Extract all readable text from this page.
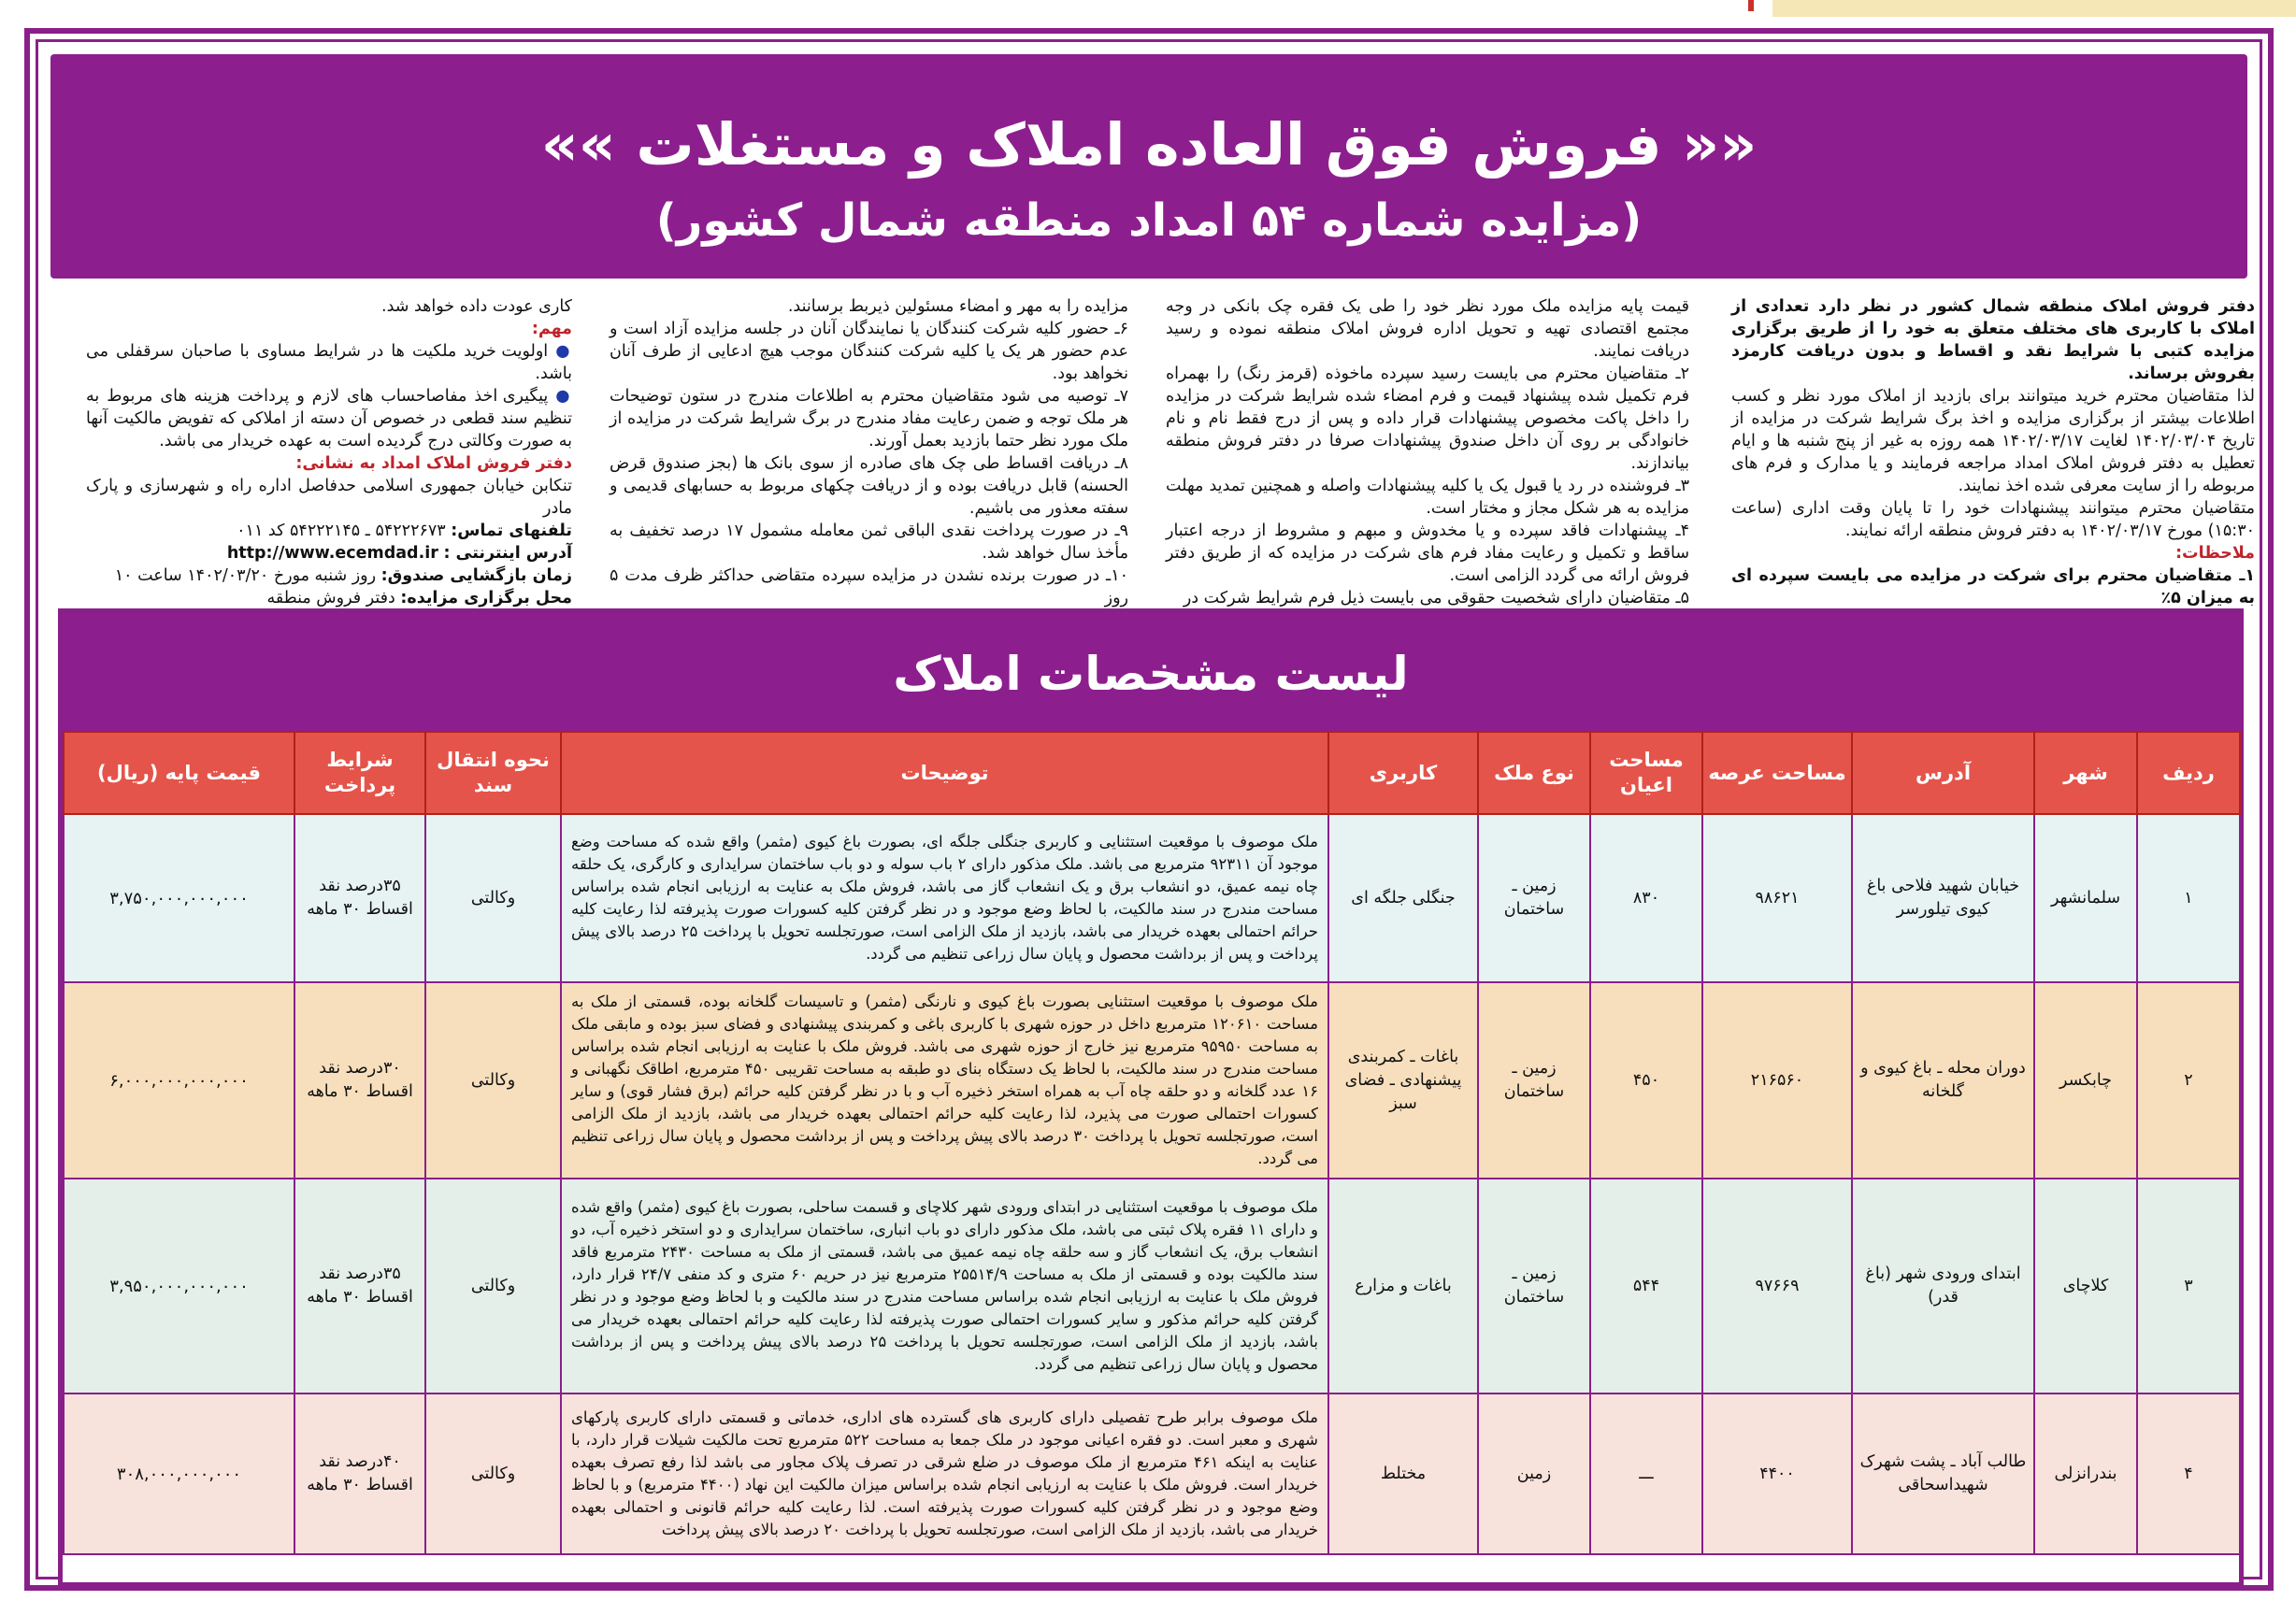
«« فروش فوق العاده املاک و مستغلات »»
(مزایده شماره ۵۴ امداد منطقه شمال کشور)

دفتر فروش املاک منطقه شمال کشور در نظر دارد تعدادی از املاک با کاربری های مختلف متعلق به خود را از طریق برگزاری مزایده کتبی با شرایط نقد و اقساط و بدون دریافت کارمزد بفروش برساند.

لذا متقاضیان محترم خرید میتوانند برای بازدید از املاک مورد نظر و کسب اطلاعات بیشتر از برگزاری مزایده و اخذ برگ شرایط شرکت در مزایده از تاریخ ۱۴۰۲/۰۳/۰۴ لغایت ۱۴۰۲/۰۳/۱۷ همه روزه به غیر از پنج شنبه ها و ایام تعطیل به دفتر فروش املاک امداد مراجعه فرمایند و یا مدارک و فرم های مربوطه را از سایت معرفی شده اخذ نمایند.

متقاضیان محترم میتوانند پیشنهادات خود را تا پایان وقت اداری (ساعت ۱۵:۳۰) مورخ ۱۴۰۲/۰۳/۱۷ به دفتر فروش منطقه ارائه نمایند.

ملاحظات:

۱ـ متقاضیان محترم برای شرکت در مزایده می بایست سپرده ای به میزان ۵٪

قیمت پایه مزایده ملک مورد نظر خود را طی یک فقره چک بانکی در وجه مجتمع اقتصادی تهیه و تحویل اداره فروش املاک منطقه نموده و رسید دریافت نمایند.

۲ـ متقاضیان محترم می بایست رسید سپرده ماخوذه (قرمز رنگ) را بهمراه فرم تکمیل شده پیشنهاد قیمت و فرم امضاء شده شرایط شرکت در مزایده را داخل پاکت مخصوص پیشنهادات قرار داده و پس از درج فقط نام و نام خانوادگی بر روی آن داخل صندوق پیشنهادات صرفا در دفتر فروش منطقه بیاندازند.

۳ـ فروشنده در رد یا قبول یک یا کلیه پیشنهادات واصله و همچنین تمدید مهلت مزایده به هر شکل مجاز و مختار است.

۴ـ پیشنهادات فاقد سپرده و یا مخدوش و مبهم و مشروط از درجه اعتبار ساقط و تکمیل و رعایت مفاد فرم های شرکت در مزایده که از طریق دفتر فروش ارائه می گردد الزامی است.

۵ـ متقاضیان دارای شخصیت حقوقی می بایست ذیل فرم شرایط شرکت در

مزایده را به مهر و امضاء مسئولین ذیربط برسانند.

۶ـ حضور کلیه شرکت کنندگان یا نمایندگان آنان در جلسه مزایده آزاد است و عدم حضور هر یک یا کلیه شرکت کنندگان موجب هیچ ادعایی از طرف آنان نخواهد بود.

۷ـ توصیه می شود متقاضیان محترم به اطلاعات مندرج در ستون توضیحات هر ملک توجه و ضمن رعایت مفاد مندرج در برگ شرایط شرکت در مزایده از ملک مورد نظر حتما بازدید بعمل آورند.

۸ـ دریافت اقساط طی چک های صادره از سوی بانک ها (بجز صندوق قرض الحسنه) قابل دریافت بوده و از دریافت چکهای مربوط به حسابهای قدیمی و سفته معذور می باشیم.

۹ـ در صورت پرداخت نقدی الباقی ثمن معامله مشمول ۱۷ درصد تخفیف به مأخذ سال خواهد شد.

۱۰ـ در صورت برنده نشدن در مزایده سپرده متقاضی حداکثر ظرف مدت ۵ روز

کاری عودت داده خواهد شد.

مهم:

● اولویت خرید ملکیت ها در شرایط مساوی با صاحبان سرقفلی می باشد.

● پیگیری اخذ مفاصاحساب های لازم و پرداخت هزینه های مربوط به تنظیم سند قطعی در خصوص آن دسته از املاکی که تفویض مالکیت آنها به صورت وکالتی درج گردیده است به عهده خریدار می باشد.

دفتر فروش املاک امداد به نشانی:

تنکابن خیابان جمهوری اسلامی حدفاصل اداره راه و شهرسازی و پارک مادر

تلفنهای تماس: ۵۴۲۲۲۶۷۳ ـ ۵۴۲۲۲۱۴۵ کد ۰۱۱

آدرس اینترنتی : http://www.ecemdad.ir

زمان بازگشایی صندوق: روز شنبه مورخ ۱۴۰۲/۰۳/۲۰ ساعت ۱۰

محل برگزاری مزایده: دفتر فروش منطقه

لیست مشخصات املاک
ردیف	شهر	آدرس	مساحت عرصه	مساحت اعیان	نوع ملک	کاربری	توضیحات	نحوه انتقال سند	شرایط پرداخت	قیمت پایه (ریال)
۱	سلمانشهر	خیابان شهید فلاحی باغ کیوی تیلورسر	۹۸۶۲۱	۸۳۰	زمین ـ ساختمان	جنگلی جلگه ای	ملک موصوف با موقعیت استثنایی و کاربری جنگلی جلگه ای، بصورت باغ کیوی (مثمر) واقع شده که مساحت وضع موجود آن ۹۲۳۱۱ مترمربع می باشد. ملک مذکور دارای ۲ باب سوله و دو باب ساختمان سرایداری و کارگری، یک حلقه چاه نیمه عمیق، دو انشعاب برق و یک انشعاب گاز می باشد، فروش ملک به عنایت به ارزیابی انجام شده براساس مساحت مندرج در سند مالکیت، با لحاظ وضع موجود و در نظر گرفتن کلیه کسورات صورت پذیرفته لذا رعایت کلیه حرائم احتمالی بعهده خریدار می باشد، بازدید از ملک الزامی است، صورتجلسه تحویل با پرداخت ۲۵ درصد بالای پیش پرداخت و پس از برداشت محصول و پایان سال زراعی تنظیم می گردد.	وکالتی	۳۵درصد نقد اقساط ۳۰ ماهه	۳,۷۵۰,۰۰۰,۰۰۰,۰۰۰
۲	چابکسر	دوران محله ـ باغ کیوی و گلخانه	۲۱۶۵۶۰	۴۵۰	زمین ـ ساختمان	باغات ـ کمربندی پیشنهادی ـ فضای سبز	ملک موصوف با موقعیت استثنایی بصورت باغ کیوی و نارنگی (مثمر) و تاسیسات گلخانه بوده، قسمتی از ملک به مساحت ۱۲۰۶۱۰ مترمربع داخل در حوزه شهری با کاربری باغی و کمربندی پیشنهادی و فضای سبز بوده و مابقی ملک به مساحت ۹۵۹۵۰ مترمربع نیز خارج از حوزه شهری می باشد. فروش ملک با عنایت به ارزیابی انجام شده براساس مساحت مندرج در سند مالکیت، با لحاظ یک دستگاه بنای دو طبقه به مساحت تقریبی ۴۵۰ مترمربع، اطاقک نگهبانی و ۱۶ عدد گلخانه و دو حلقه چاه آب به همراه استخر ذخیره آب و با در نظر گرفتن کلیه حرائم (برق فشار قوی) و سایر کسورات احتمالی صورت می پذیرد، لذا رعایت کلیه حرائم احتمالی بعهده خریدار می باشد، بازدید از ملک الزامی است، صورتجلسه تحویل با پرداخت ۳۰ درصد بالای پیش پرداخت و پس از برداشت محصول و پایان سال زراعی تنظیم می گردد.	وکالتی	۳۰درصد نقد اقساط ۳۰ ماهه	۶,۰۰۰,۰۰۰,۰۰۰,۰۰۰
۳	کلاچای	ابتدای ورودی شهر (باغ قدر)	۹۷۶۶۹	۵۴۴	زمین ـ ساختمان	باغات و مزارع	ملک موصوف با موقعیت استثنایی در ابتدای ورودی شهر کلاچای و قسمت ساحلی، بصورت باغ کیوی (مثمر) واقع شده و دارای ۱۱ فقره پلاک ثبتی می باشد، ملک مذکور دارای دو باب انباری، ساختمان سرایداری و دو استخر ذخیره آب، دو انشعاب برق، یک انشعاب گاز و سه حلقه چاه نیمه عمیق می باشد، قسمتی از ملک به مساحت ۲۴۳۰ مترمربع فاقد سند مالکیت بوده و قسمتی از ملک به مساحت ۲۵۵۱۴/۹ مترمربع نیز در حریم ۶۰ متری و کد منفی ۲۴/۷ قرار دارد، فروش ملک با عنایت به ارزیابی انجام شده براساس مساحت مندرج در سند مالکیت و با لحاظ وضع موجود و در نظر گرفتن کلیه حرائم مذکور و سایر کسورات احتمالی صورت پذیرفته لذا رعایت کلیه حرائم احتمالی بعهده خریدار می باشد، بازدید از ملک الزامی است، صورتجلسه تحویل با پرداخت ۲۵ درصد بالای پیش پرداخت و پس از برداشت محصول و پایان سال زراعی تنظیم می گردد.	وکالتی	۳۵درصد نقد اقساط ۳۰ ماهه	۳,۹۵۰,۰۰۰,۰۰۰,۰۰۰
۴	بندرانزلی	طالب آباد ـ پشت شهرک شهیداسحاقی	۴۴۰۰	ـــ	زمین	مختلط	ملک موصوف برابر طرح تفصیلی دارای کاربری های گسترده های اداری، خدماتی و قسمتی دارای کاربری پارکهای شهری و معبر است. دو فقره اعیانی موجود در ملک جمعا به مساحت ۵۲۲ مترمربع تحت مالکیت شیلات قرار دارد، با عنایت به اینکه ۴۶۱ مترمربع از ملک موصوف در ضلع شرقی در تصرف پلاک مجاور می باشد لذا رفع تصرف بعهده خریدار است. فروش ملک با عنایت به ارزیابی انجام شده براساس میزان مالکیت این نهاد (۴۴۰۰ مترمربع) و با لحاظ وضع موجود و در نظر گرفتن کلیه کسورات صورت پذیرفته است. لذا رعایت کلیه حرائم قانونی و احتمالی بعهده خریدار می باشد، بازدید از ملک الزامی است، صورتجلسه تحویل با پرداخت ۲۰ درصد بالای پیش پرداخت	وکالتی	۴۰درصد نقد اقساط ۳۰ ماهه	۳۰۸,۰۰۰,۰۰۰,۰۰۰
